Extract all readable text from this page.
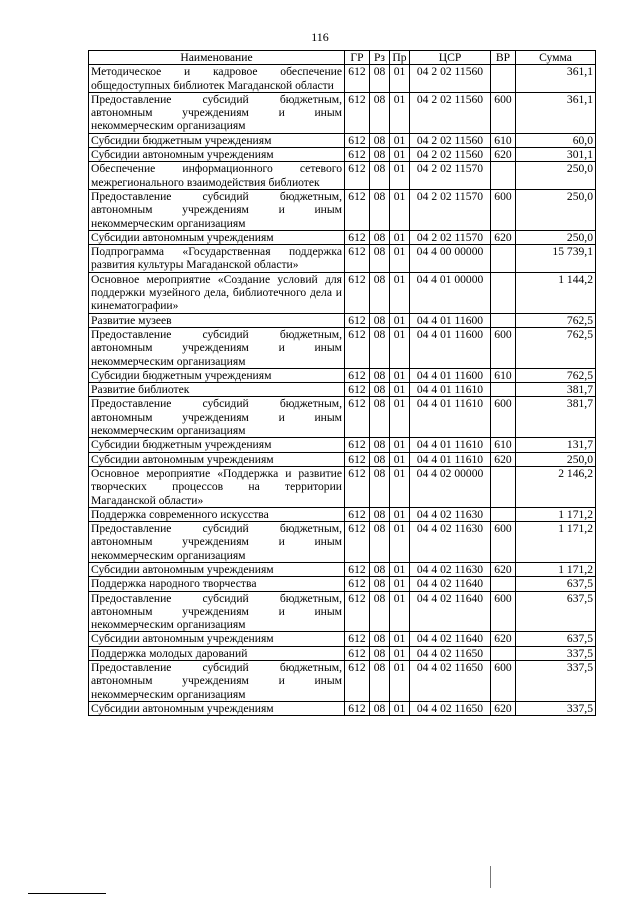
116
Наименование	ГР	Рз	Пр	ЦСР	ВР	Сумма
Методическое и кадровое обеспечение общедоступных библиотек Магаданской области	612	08	01	04 2 02 11560		361,1
Предоставление субсидий бюджетным, автономным учреждениям и иным некоммерческим организациям	612	08	01	04 2 02 11560	600	361,1
Субсидии бюджетным учреждениям	612	08	01	04 2 02 11560	610	60,0
Субсидии автономным учреждениям	612	08	01	04 2 02 11560	620	301,1
Обеспечение информационного сетевого межрегионального взаимодействия библиотек	612	08	01	04 2 02 11570		250,0
Предоставление субсидий бюджетным, автономным учреждениям и иным некоммерческим организациям	612	08	01	04 2 02 11570	600	250,0
Субсидии автономным учреждениям	612	08	01	04 2 02 11570	620	250,0
Подпрограмма «Государственная поддержка развития культуры Магаданской области»	612	08	01	04 4 00 00000		15 739,1
Основное мероприятие «Создание условий для поддержки музейного дела, библиотечного дела и кинематографии»	612	08	01	04 4 01 00000		1 144,2
Развитие музеев	612	08	01	04 4 01 11600		762,5
Предоставление субсидий бюджетным, автономным учреждениям и иным некоммерческим организациям	612	08	01	04 4 01 11600	600	762,5
Субсидии бюджетным учреждениям	612	08	01	04 4 01 11600	610	762,5
Развитие библиотек	612	08	01	04 4 01 11610		381,7
Предоставление субсидий бюджетным, автономным учреждениям и иным некоммерческим организациям	612	08	01	04 4 01 11610	600	381,7
Субсидии бюджетным учреждениям	612	08	01	04 4 01 11610	610	131,7
Субсидии автономным учреждениям	612	08	01	04 4 01 11610	620	250,0
Основное мероприятие «Поддержка и развитие творческих процессов на территории Магаданской области»	612	08	01	04 4 02 00000		2 146,2
Поддержка современного искусства	612	08	01	04 4 02 11630		1 171,2
Предоставление субсидий бюджетным, автономным учреждениям и иным некоммерческим организациям	612	08	01	04 4 02 11630	600	1 171,2
Субсидии автономным учреждениям	612	08	01	04 4 02 11630	620	1 171,2
Поддержка народного творчества	612	08	01	04 4 02 11640		637,5
Предоставление субсидий бюджетным, автономным учреждениям и иным некоммерческим организациям	612	08	01	04 4 02 11640	600	637,5
Субсидии автономным учреждениям	612	08	01	04 4 02 11640	620	637,5
Поддержка молодых дарований	612	08	01	04 4 02 11650		337,5
Предоставление субсидий бюджетным, автономным учреждениям и иным некоммерческим организациям	612	08	01	04 4 02 11650	600	337,5
Субсидии автономным учреждениям	612	08	01	04 4 02 11650	620	337,5
